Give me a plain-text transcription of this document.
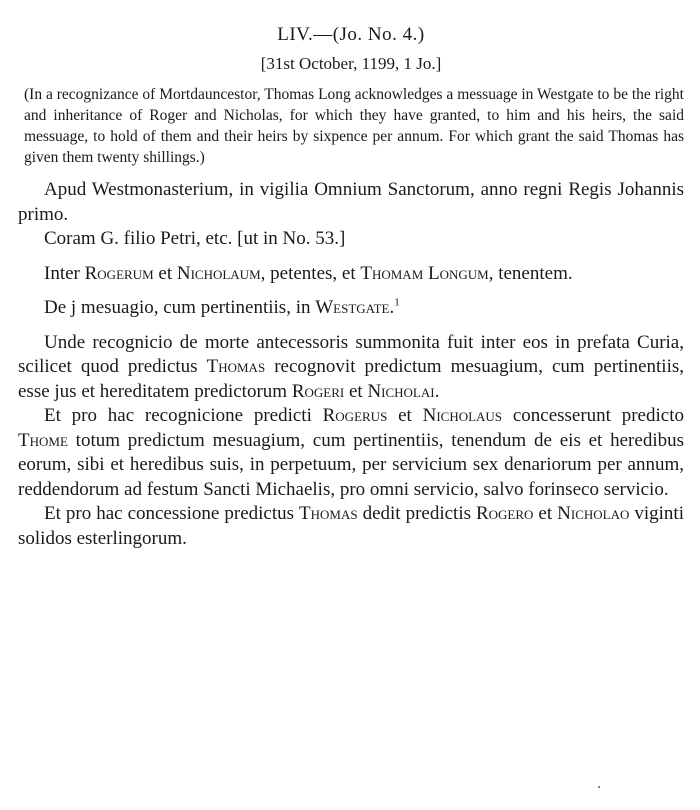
LIV.—(Jo. No. 4.)
[31st October, 1199, 1 Jo.]
(In a recognizance of Mortdauncestor, Thomas Long acknowledges a messuage in Westgate to be the right and inheritance of Roger and Nicholas, for which they have granted, to him and his heirs, the said messuage, to hold of them and their heirs by sixpence per annum. For which grant the said Thomas has given them twenty shillings.)

Apud Westmonasterium, in vigilia Omnium Sanctorum, anno regni Regis Johannis primo.

Coram G. filio Petri, etc. [ut in No. 53.]

Inter Rogerum et Nicholaum, petentes, et Thomam Longum, tenentem.

De j mesuagio, cum pertinentiis, in Westgate.$^1$

Unde recognicio de morte antecessoris summonita fuit inter eos in prefata Curia, scilicet quod predictus Thomas recognovit predictum mesuagium, cum pertinentiis, esse jus et hereditatem predictorum Rogeri et Nicholai.

Et pro hac recognicione predicti Rogerus et Nicholaus concesserunt predicto Thome totum predictum mesuagium, cum pertinentiis, tenendum de eis et heredibus eorum, sibi et heredibus suis, in perpetuum, per servicium sex denariorum per annum, reddendorum ad festum Sancti Michaelis, pro omni servicio, salvo forinseco servicio.

Et pro hac concessione predictus Thomas dedit predictis Rogero et Nicholao viginti solidos esterlingorum.
